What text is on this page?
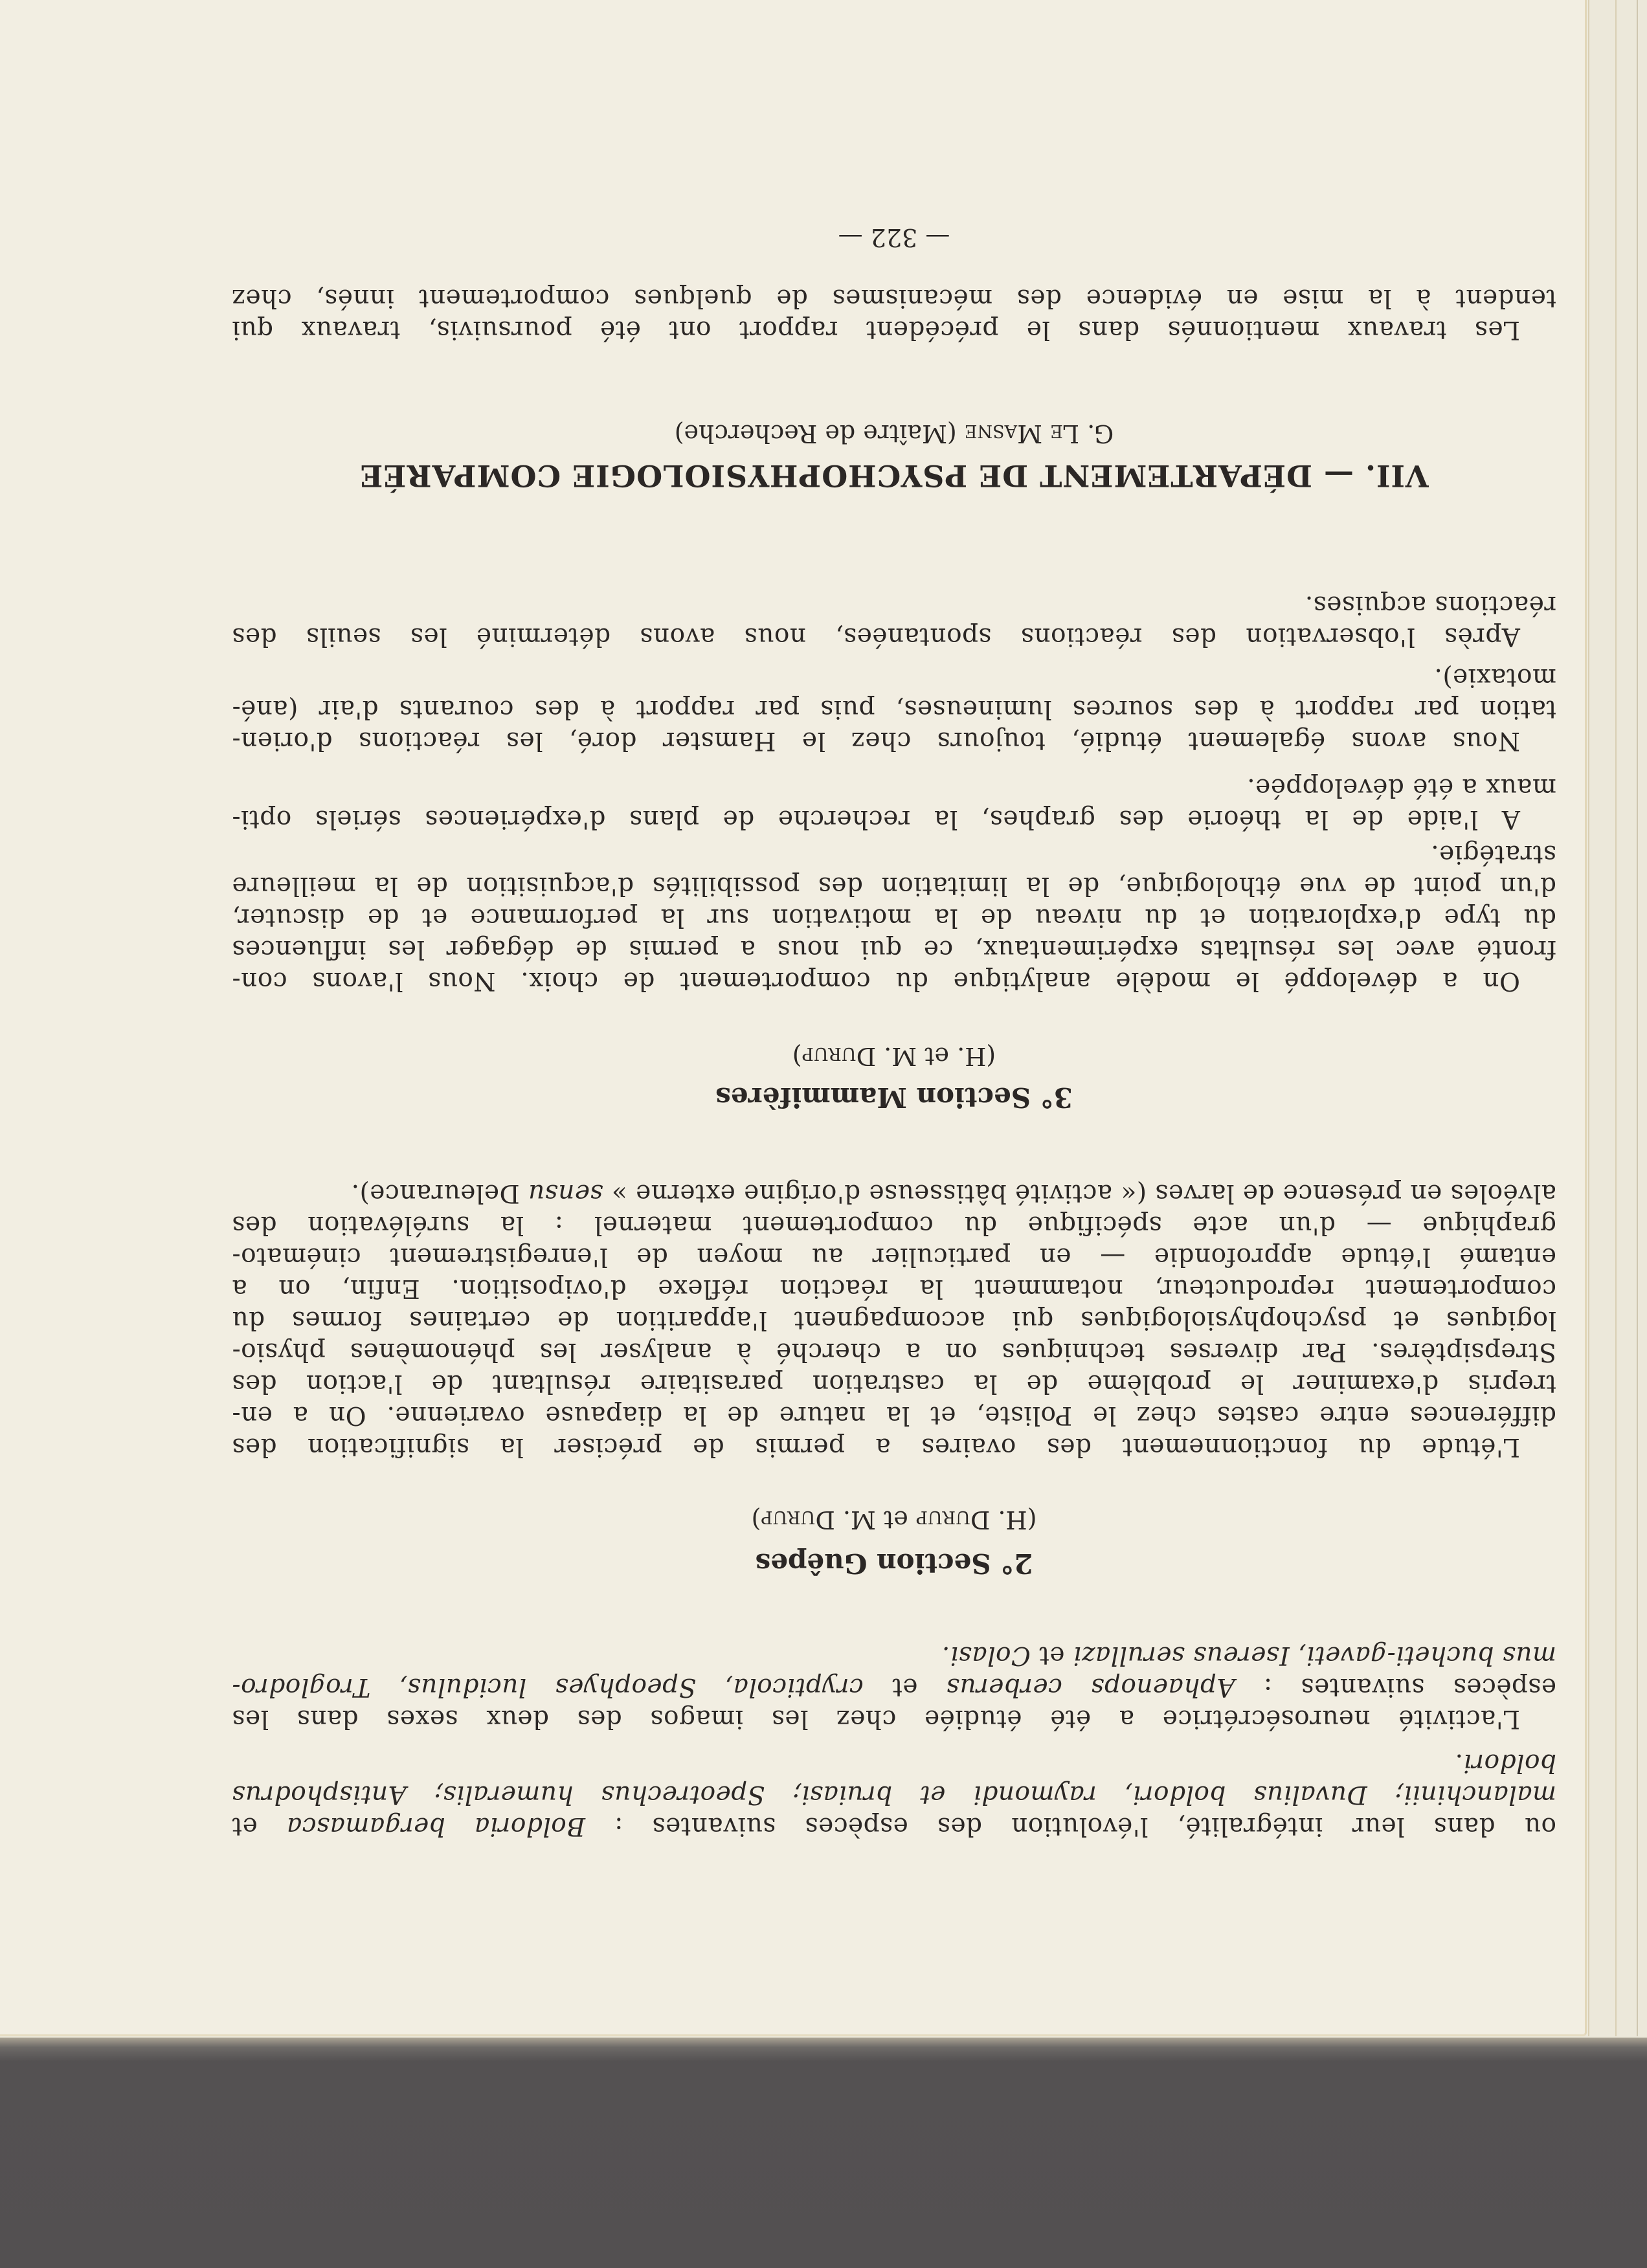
ou dans leur intégralité, l'évolution des espèces suivantes : Boldoria bergamasca et
malanchinii; Duvalius boldori, raymondi et bruiasi; Speotrechus humeralis; Antisphodrus
boldori.
L'activité neurosécrétrice a été étudiée chez les imagos des deux sexes dans les
espèces suivantes : Aphaenops cerberus et crypticola, Speophyes lucidulus, Troglodro-
mus bucheti-gaveti, Isereus serullazi et Colasi.
2° Section Guêpes
(H. Durup et M. Durup)
L'étude du fonctionnement des ovaires a permis de préciser la signification des
différences entre castes chez le Poliste, et la nature de la diapause ovarienne. On a en-
trepris d'examiner le problème de la castration parasitaire résultant de l'action des
Strepsiptères. Par diverses techniques on a cherché à analyser les phénomènes physio-
logiques et psychophysiologiques qui accompagnent l'apparition de certaines formes du
comportement reproducteur, notamment la réaction réflexe d'oviposition. Enfin, on a
entamé l'étude approfondie — en particulier au moyen de l'enregistrement cinémato-
graphique — d'un acte spécifique du comportement maternel : la surélévation des
alvéoles en présence de larves (« activité bâtisseuse d'origine externe » sensu Deleurance).
3° Section Mammifères
(H. et M. Durup)
On a développé le modèle analytique du comportement de choix. Nous l'avons con-
fronté avec les résultats expérimentaux, ce qui nous a permis de dégager les influences
du type d'exploration et du niveau de la motivation sur la performance et de discuter,
d'un point de vue éthologique, de la limitation des possibilités d'acquisition de la meilleure
stratégie.
A l'aide de la théorie des graphes, la recherche de plans d'expériences sériels opti-
maux a été développée.
Nous avons également étudié, toujours chez le Hamster doré, les réactions d'orien-
tation par rapport à des sources lumineuses, puis par rapport à des courants d'air (ané-
motaxie).
Après l'observation des réactions spontanées, nous avons déterminé les seuils des
réactions acquises.
VII. — DÉPARTEMENT DE PSYCHOPHYSIOLOGIE COMPARÉE
G. Le Masne (Maître de Recherche)
Les travaux mentionnés dans le précédent rapport ont été poursuivis, travaux qui
tendent à la mise en évidence des mécanismes de quelques comportement innés, chez
— 322 —
